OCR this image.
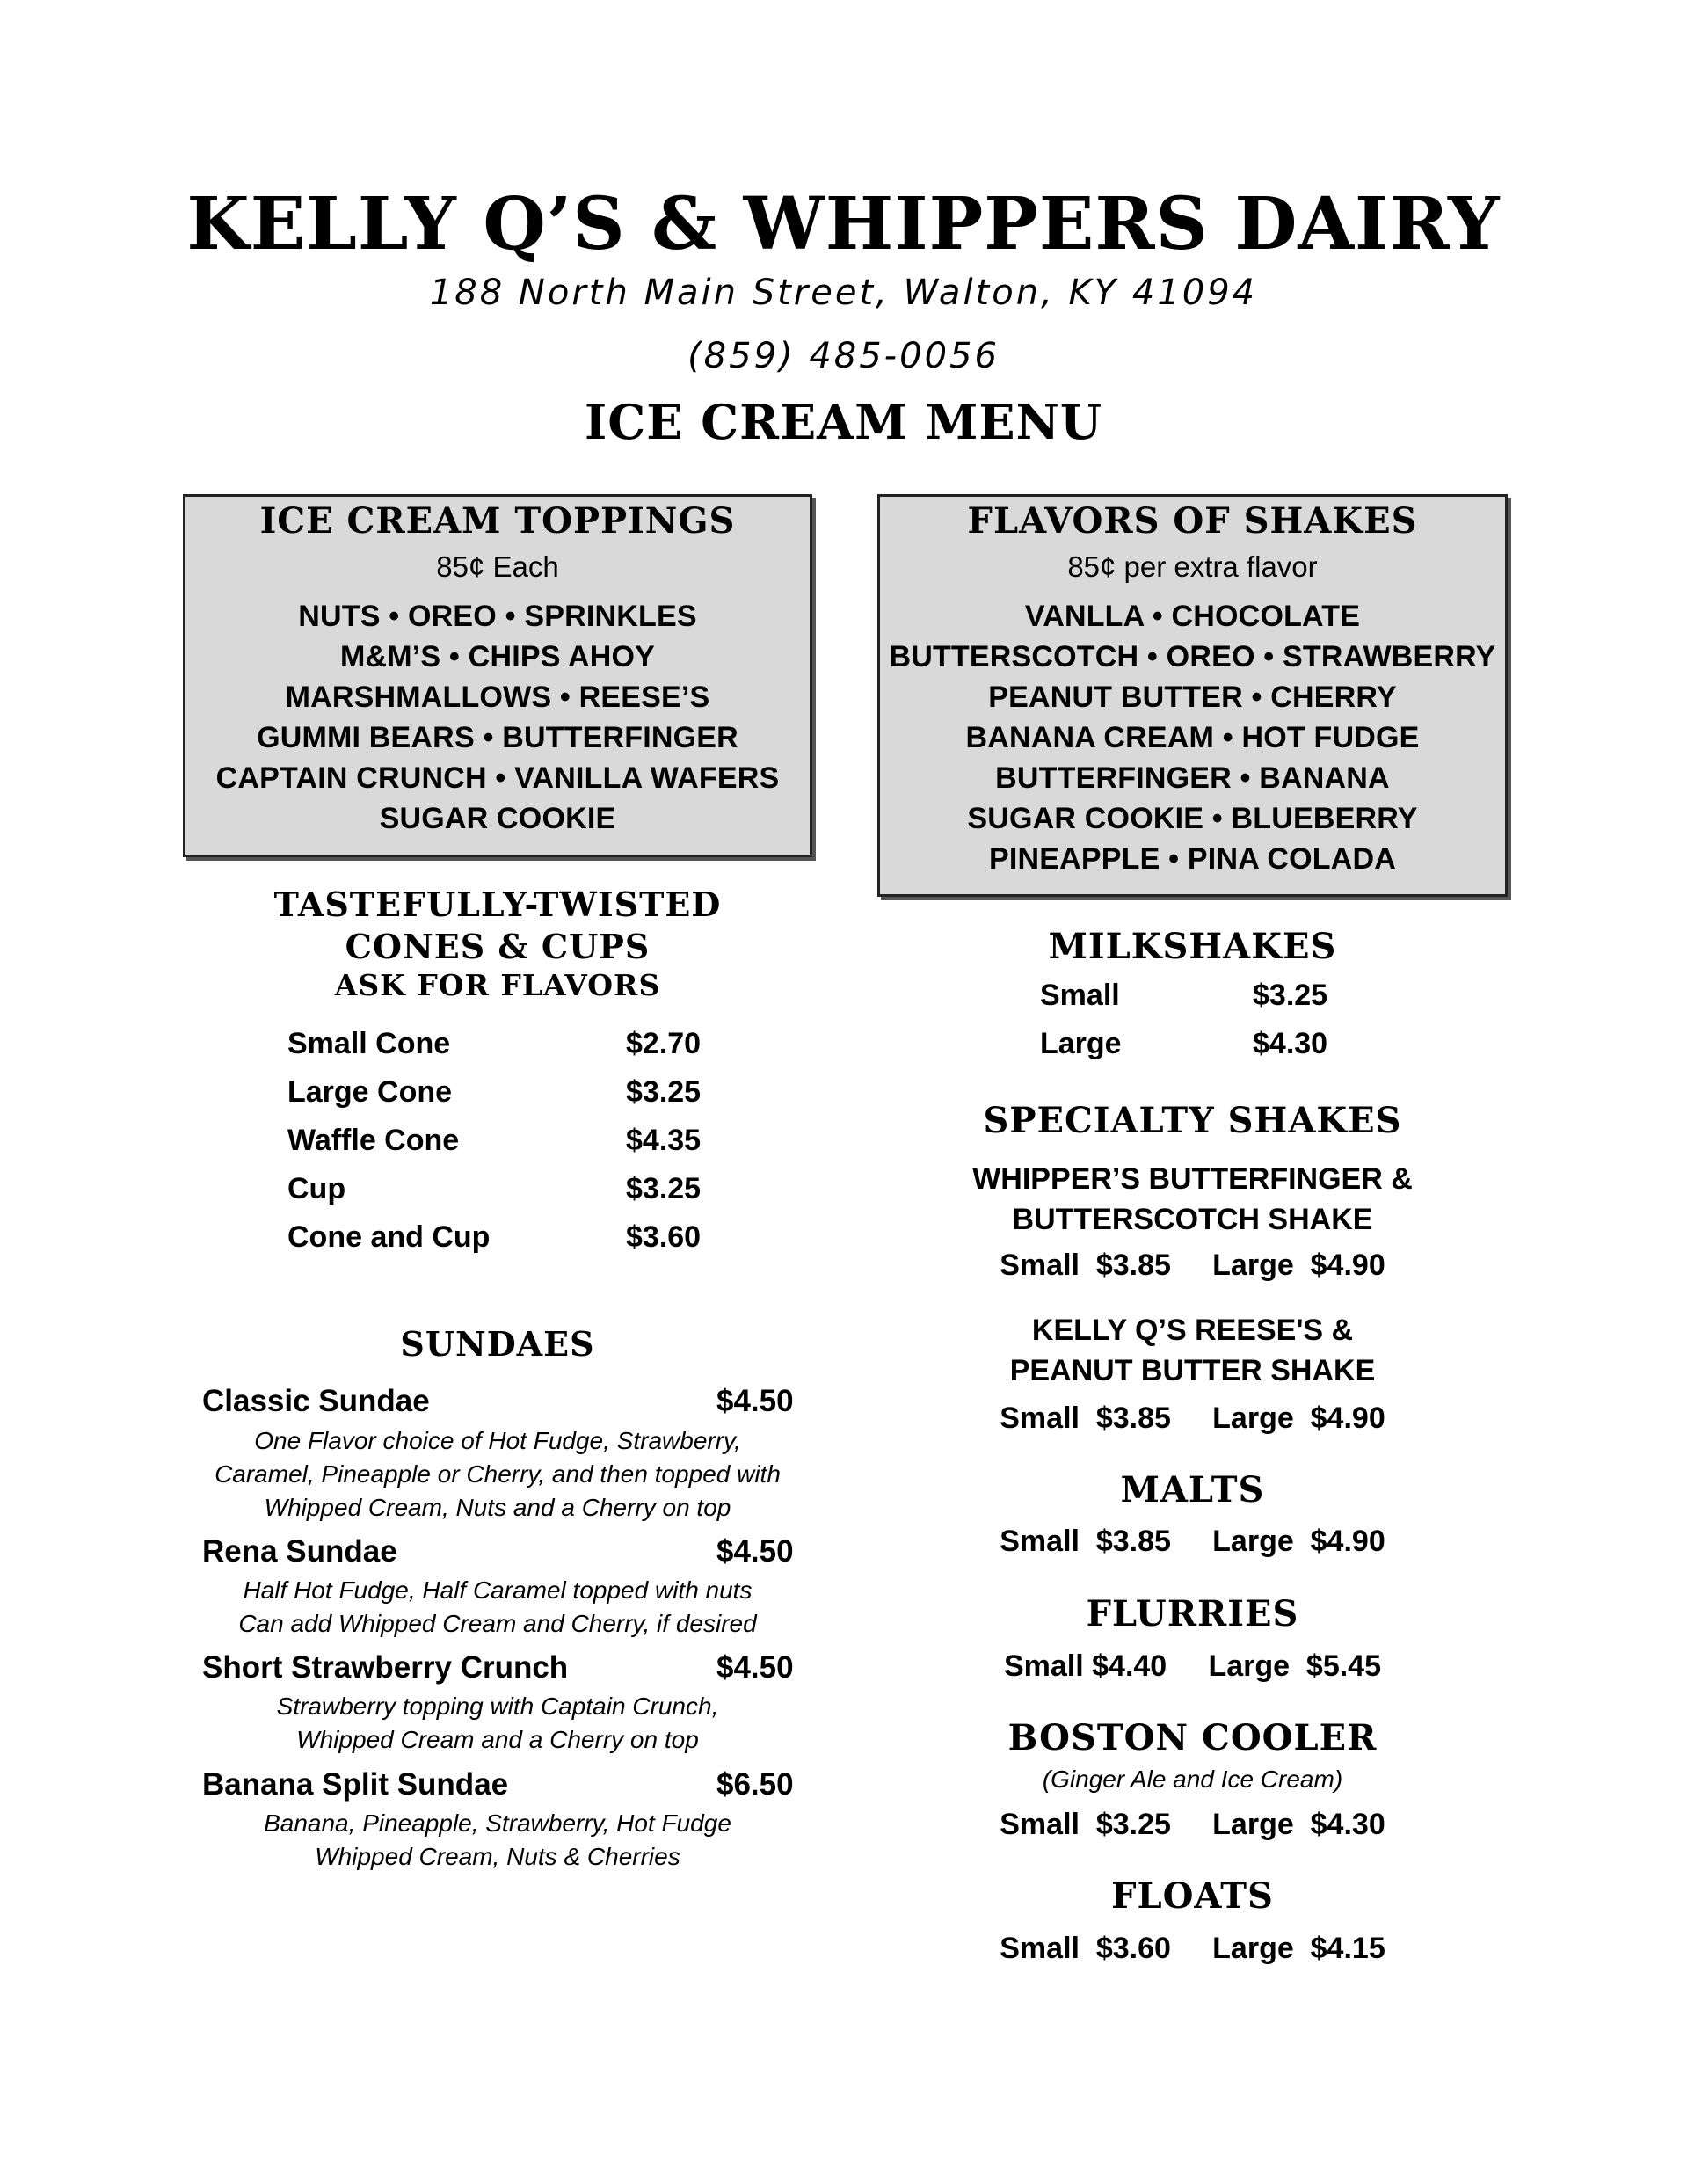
KELLY Q’S & WHIPPERS DAIRY
188 North Main Street, Walton, KY 41094
(859) 485-0056
ICE CREAM MENU
ICE CREAM TOPPINGS
85¢ Each
NUTS • OREO • SPRINKLES
M&M’S • CHIPS AHOY
MARSHMALLOWS • REESE’S
GUMMI BEARS • BUTTERFINGER
CAPTAIN CRUNCH • VANILLA WAFERS
SUGAR COOKIE
FLAVORS OF SHAKES
85¢ per extra flavor
VANLLA • CHOCOLATE
BUTTERSCOTCH • OREO • STRAWBERRY
PEANUT BUTTER • CHERRY
BANANA CREAM • HOT FUDGE
BUTTERFINGER • BANANA
SUGAR COOKIE • BLUEBERRY
PINEAPPLE • PINA COLADA
TASTEFULLY-TWISTED
CONES & CUPS
ASK FOR FLAVORS
Small Cone	$2.70
Large Cone	$3.25
Waffle Cone	$4.35
Cup	$3.25
Cone and Cup	$3.60
SUNDAES
Classic Sundae	$4.50
One Flavor choice of Hot Fudge, Strawberry,
Caramel, Pineapple or Cherry, and then topped with
Whipped Cream, Nuts and a Cherry on top
Rena Sundae	$4.50
Half Hot Fudge, Half Caramel topped with nuts
Can add Whipped Cream and Cherry, if desired
Short Strawberry Crunch	$4.50
Strawberry topping with Captain Crunch,
Whipped Cream and a Cherry on top
Banana Split Sundae	$6.50
Banana, Pineapple, Strawberry, Hot Fudge
Whipped Cream, Nuts & Cherries
MILKSHAKES
Small	$3.25
Large	$4.30
SPECIALTY SHAKES
WHIPPER’S BUTTERFINGER &
BUTTERSCOTCH SHAKE
Small  $3.85     Large  $4.90
KELLY Q’S REESE'S &
PEANUT BUTTER SHAKE
Small  $3.85     Large  $4.90
MALTS
Small  $3.85     Large  $4.90
FLURRIES
Small $4.40     Large  $5.45
BOSTON COOLER
(Ginger Ale and Ice Cream)
Small  $3.25     Large  $4.30
FLOATS
Small  $3.60     Large  $4.15
